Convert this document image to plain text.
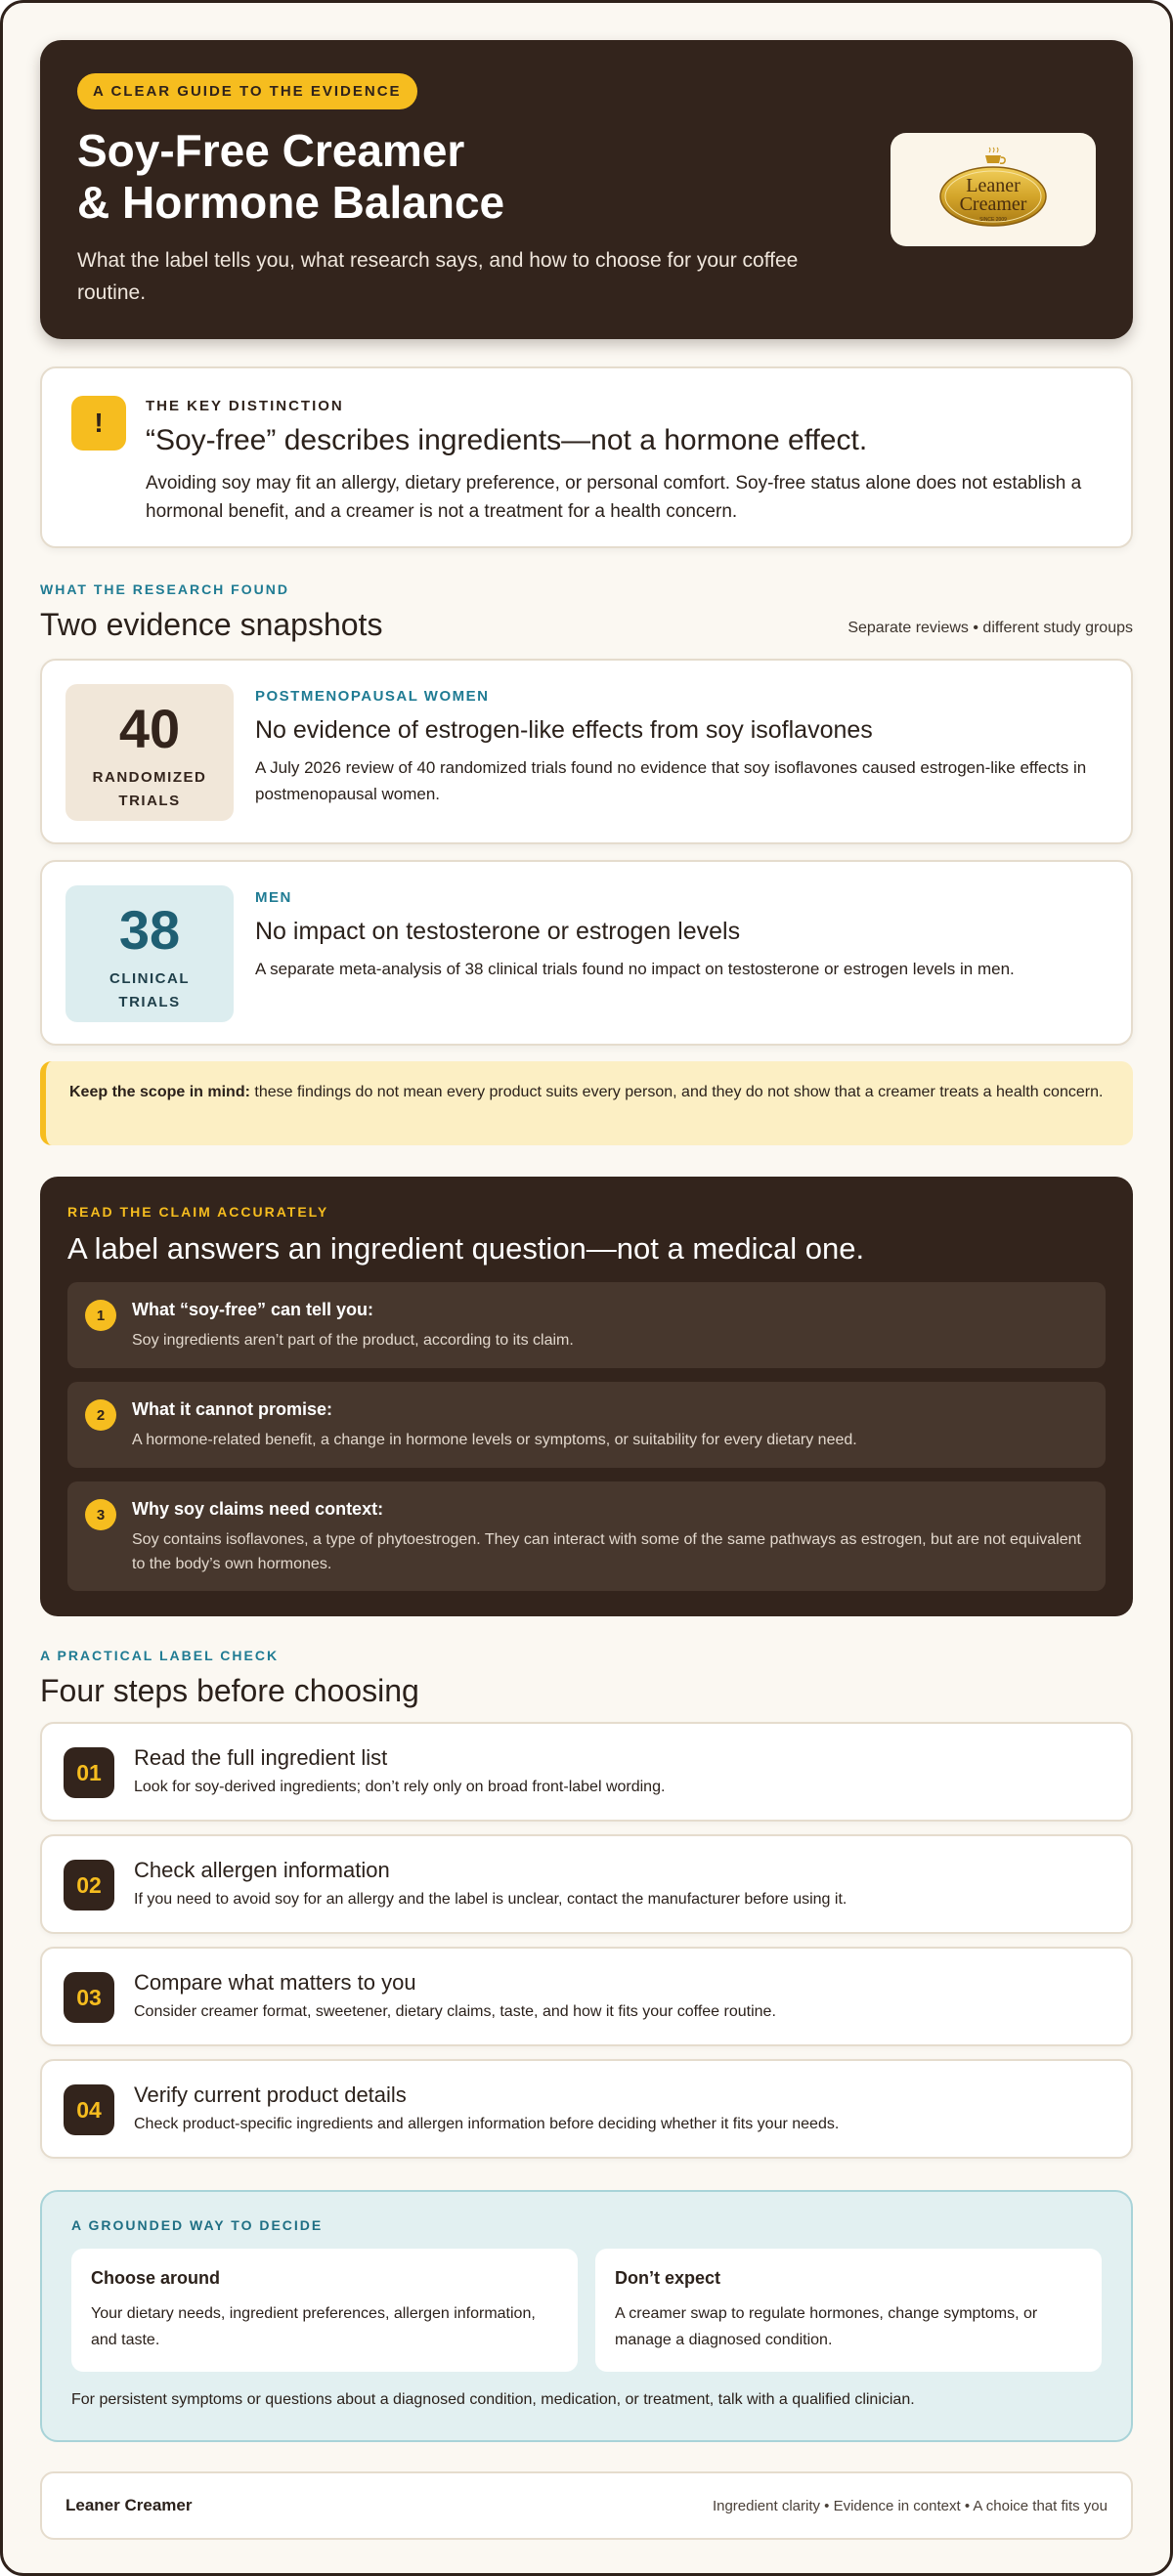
A CLEAR GUIDE TO THE EVIDENCE
Soy-Free Creamer
& Hormone Balance
What the label tells you, what research says, and how to choose for your coffee routine.
Leaner
Creamer
SINCE 2009
!
THE KEY DISTINCTION
“Soy-free” describes ingredients—not a hormone effect.
Avoiding soy may fit an allergy, dietary preference, or personal comfort. Soy-free status alone does not establish a hormonal benefit, and a creamer is not a treatment for a health concern.
WHAT THE RESEARCH FOUND
Two evidence snapshots	Separate reviews • different study groups
40
RANDOMIZED
TRIALS
POSTMENOPAUSAL WOMEN
No evidence of estrogen-like effects from soy isoflavones
A July 2026 review of 40 randomized trials found no evidence that soy isoflavones caused estrogen-like effects in postmenopausal women.
38
CLINICAL
TRIALS
MEN
No impact on testosterone or estrogen levels
A separate meta-analysis of 38 clinical trials found no impact on testosterone or estrogen levels in men.
Keep the scope in mind: these findings do not mean every product suits every person, and they do not show that a creamer treats a health concern.
READ THE CLAIM ACCURATELY
A label answers an ingredient question—not a medical one.
1	What “soy-free” can tell you:
Soy ingredients aren’t part of the product, according to its claim.
2	What it cannot promise:
A hormone-related benefit, a change in hormone levels or symptoms, or suitability for every dietary need.
3	Why soy claims need context:
Soy contains isoflavones, a type of phytoestrogen. They can interact with some of the same pathways as estrogen, but are not equivalent to the body’s own hormones.
A PRACTICAL LABEL CHECK
Four steps before choosing
01
Read the full ingredient list
Look for soy-derived ingredients; don’t rely only on broad front-label wording.
02
Check allergen information
If you need to avoid soy for an allergy and the label is unclear, contact the manufacturer before using it.
03
Compare what matters to you
Consider creamer format, sweetener, dietary claims, taste, and how it fits your coffee routine.
04
Verify current product details
Check product-specific ingredients and allergen information before deciding whether it fits your needs.
A GROUNDED WAY TO DECIDE
Choose around
Your dietary needs, ingredient preferences, allergen information, and taste.
Don’t expect
A creamer swap to regulate hormones, change symptoms, or manage a diagnosed condition.
For persistent symptoms or questions about a diagnosed condition, medication, or treatment, talk with a qualified clinician.
Leaner Creamer	Ingredient clarity • Evidence in context • A choice that fits you
